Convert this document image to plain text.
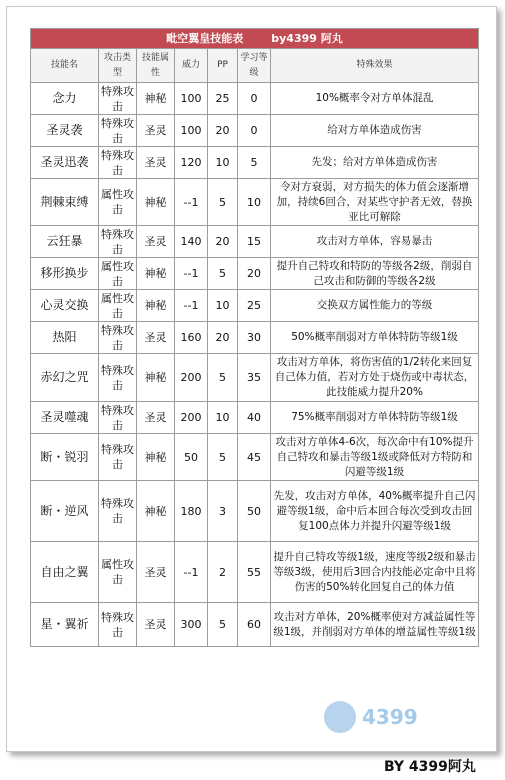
毗空翼皇技能表 by4399 阿丸						
技能名	攻击类型	技能属性	威力	PP	学习等级	特殊效果
念力	特殊攻击	神秘	100	25	0	10%概率令对方单体混乱
圣灵袭	特殊攻击	圣灵	100	20	0	给对方单体造成伤害
圣灵迅袭	特殊攻击	圣灵	120	10	5	先发；给对方单体造成伤害
荆棘束缚	属性攻击	神秘	--1	5	10	令对方衰弱，对方损失的体力值会逐渐增加，持续6回合，对某些守护者无效，替换亚比可解除
云狂暴	特殊攻击	圣灵	140	20	15	攻击对方单体，容易暴击
移形换步	属性攻击	神秘	--1	5	20	提升自己特攻和特防的等级各2级，削弱自己攻击和防御的等级各2级
心灵交换	属性攻击	神秘	--1	10	25	交换双方属性能力的等级
热阳	特殊攻击	圣灵	160	20	30	50%概率削弱对方单体特防等级1级
赤幻之咒	特殊攻击	神秘	200	5	35	攻击对方单体，将伤害值的1/2转化来回复自己体力值，若对方处于烧伤或中毒状态，此技能威力提升20%
圣灵噬魂	特殊攻击	圣灵	200	10	40	75%概率削弱对方单体特防等级1级
断・锐羽	特殊攻击	神秘	50	5	45	攻击对方单体4-6次，每次命中有10%提升自己特攻和暴击等级1级或降低对方特防和闪避等级1级
断・逆风	特殊攻击	神秘	180	3	50	先发，攻击对方单体，40%概率提升自己闪避等级1级，命中后本回合每次受到攻击回复100点体力并提升闪避等级1级
自由之翼	属性攻击	圣灵	--1	2	55	提升自己特攻等级1级，速度等级2级和暴击等级3级，使用后3回合内技能必定命中且将伤害的50%转化回复自己的体力值
星・翼祈	特殊攻击	圣灵	300	5	60	攻击对方单体，20%概率使对方减益属性等级1级，并削弱对方单体的增益属性等级1级
4399
BY 4399阿丸
